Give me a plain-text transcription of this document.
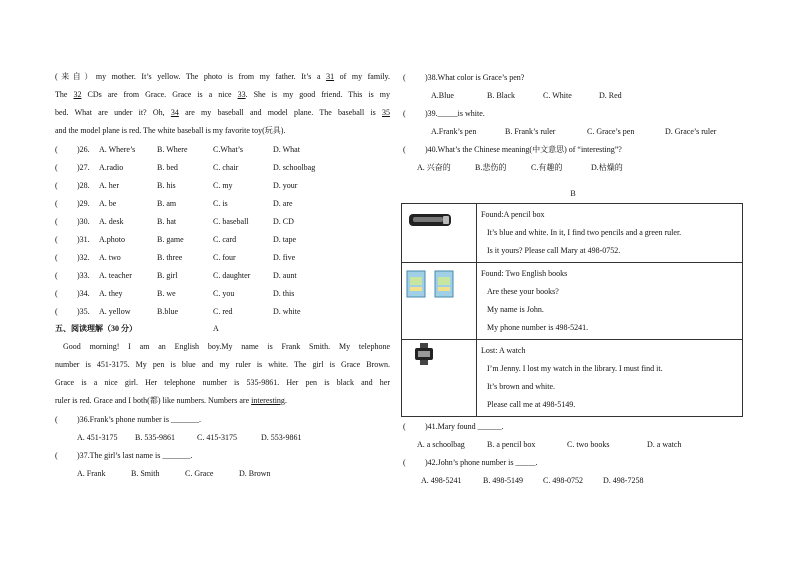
(来自）my mother. It’s yellow. The photo is from my father. It’s a 31 of my family.
The 32 CDs are from Grace. Grace is a nice 33. She is my good friend. This is my
bed. What are under it? Oh, 34 are my baseball and model plane. The baseball is 35
and the model plane is red. The white baseball is my favorite toy(玩具).
(	)26.	A. Where’s	B. Where	C.What’s	D. What
(	)27.	A.radio	B. bed	C. chair	D. schoolbag
(	)28.	A. her	B. his	C. my	D. your
(	)29.	A. be	B. am	C. is	D. are
(	)30.	A. desk	B. hat	C. baseball	D. CD
(	)31.	A.photo	B. game	C. card	D. tape
(	)32.	A. two	B. three	C. four	D. five
(	)33.	A. teacher	B. girl	C. daughter	D. aunt
(	)34.	A. they	B. we	C. you	D. this
(	)35.	A. yellow	B.blue	C. red	D. white
五、阅读理解（30 分）	A
Good morning! I am an English boy.My name is Frank Smith. My telephone
number is 451-3175. My pen is blue and my ruler is white. The girl is Grace Brown.
Grace is a nice girl. Her telephone number is 535-9861. Her pen is black and her
ruler is red. Grace and I both(都) like numbers. Numbers are interesting.
(	)36.Frank’s phone number is _______.
A. 451-3175	B. 535-9861	C. 415-3175	D. 553-9861
(	)37.The girl’s last name is _______.
A. Frank	B. Smith	C. Grace	D. Brown
(	)38.What color is Grace’s pen?
A.Blue	B. Black	C. White	D. Red
(	)39._____is white.
A.Frank’s pen	B. Frank’s ruler	C. Grace’s pen	D. Grace’s ruler
(	)40.What’s the Chinese meaning(中文意思) of “interesting”?
A. 兴奋的	B.悲伤的	C.有趣的	D.枯燥的
B

Found:A pencil box
It’s blue and white. In it, I find two pencils and a green ruler.
Is it yours? Please call Mary at 498-0752.

Found: Two English books
Are these your books?
My name is John.
My phone number is 498-5241.

Lost: A watch
I’m Jenny. I lost my watch in the library. I must find it.
It’s brown and white.
Please call me at 498-5149.
(	)41.Mary found ______.
A. a schoolbag	B. a pencil box	C. two books	D. a watch
(	)42.John’s phone number is _____.
A. 498-5241	B. 498-5149	C. 498-0752	D. 498-7258
